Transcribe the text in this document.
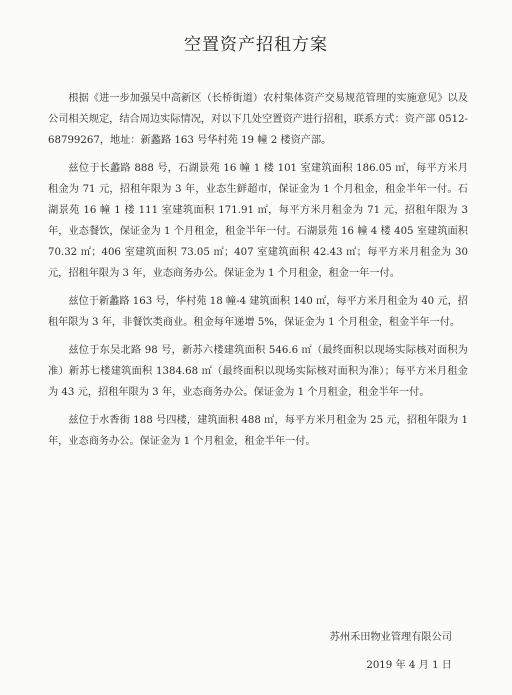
空置资产招租方案

根据《进一步加强吴中高新区（长桥街道）农村集体资产交易规范管理的实施意见》以及公司相关规定，结合周边实际情况，对以下几处空置资产进行招租，联系方式：资产部 0512-68799267，地址：新蠡路 163 号华村苑 19 幢 2 楼资产部。

兹位于长蠡路 888 号，石湖景苑 16 幢 1 楼 101 室建筑面积 186.05 ㎡，每平方米月租金为 71 元，招租年限为 3 年，业态生鲜超市，保证金为 1 个月租金，租金半年一付。石湖景苑 16 幢 1 楼 111 室建筑面积 171.91 ㎡，每平方米月租金为 71 元，招租年限为 3 年，业态餐饮，保证金为 1 个月租金，租金半年一付。石湖景苑 16 幢 4 楼 405 室建筑面积 70.32 ㎡；406 室建筑面积 73.05 ㎡；407 室建筑面积 42.43 ㎡；每平方米月租金为 30 元，招租年限为 3 年，业态商务办公。保证金为 1 个月租金，租金一年一付。

兹位于新蠡路 163 号，华村苑 18 幢-4 建筑面积 140 ㎡，每平方米月租金为 40 元，招租年限为 3 年，非餐饮类商业。租金每年递增 5%，保证金为 1 个月租金，租金半年一付。

兹位于东吴北路 98 号，新苏六楼建筑面积 546.6 ㎡（最终面积以现场实际核对面积为准）新苏七楼建筑面积 1384.68 ㎡（最终面积以现场实际核对面积为准）；每平方米月租金为 43 元，招租年限为 3 年，业态商务办公。保证金为 1 个月租金，租金半年一付。

兹位于水香街 188 号四楼，建筑面积 488 ㎡，每平方米月租金为 25 元，招租年限为 1 年，业态商务办公。保证金为 1 个月租金，租金半年一付。

苏州禾田物业管理有限公司
2019 年 4 月 1 日
